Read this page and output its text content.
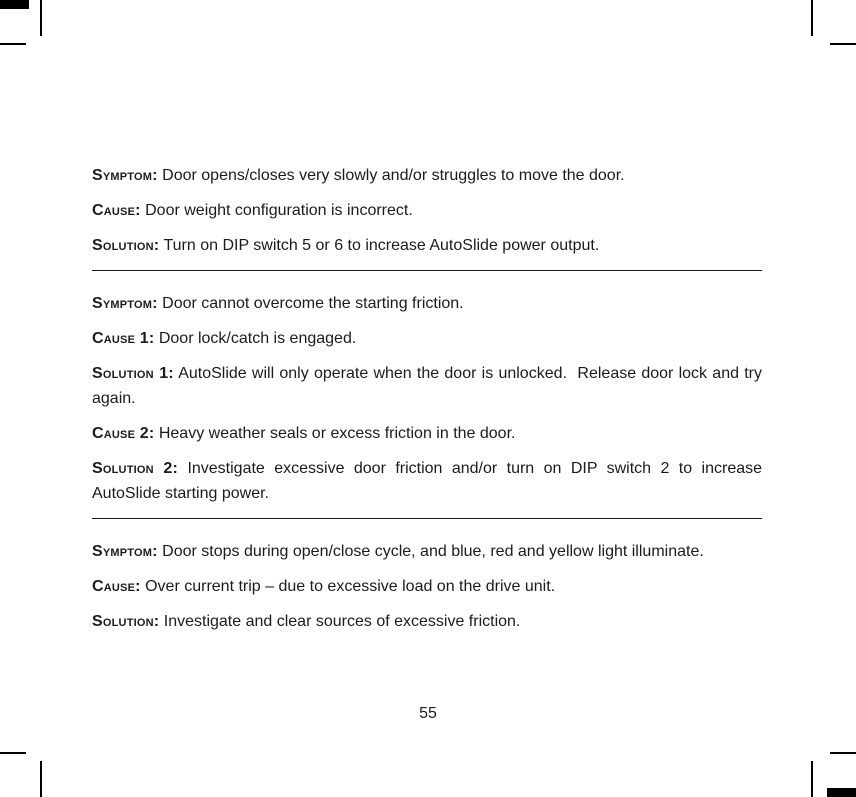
Symptom: Door opens/closes very slowly and/or struggles to move the door.

Cause: Door weight configuration is incorrect.

Solution: Turn on DIP switch 5 or 6 to increase AutoSlide power output.

Symptom: Door cannot overcome the starting friction.

Cause 1: Door lock/catch is engaged.

Solution 1: AutoSlide will only operate when the door is unlocked.  Release door lock and try again.

Cause 2: Heavy weather seals or excess friction in the door.

Solution 2: Investigate excessive door friction and/or turn on DIP switch 2 to increase AutoSlide starting power.

Symptom: Door stops during open/close cycle, and blue, red and yellow light illuminate.

Cause: Over current trip – due to excessive load on the drive unit.

Solution: Investigate and clear sources of excessive friction.

55
